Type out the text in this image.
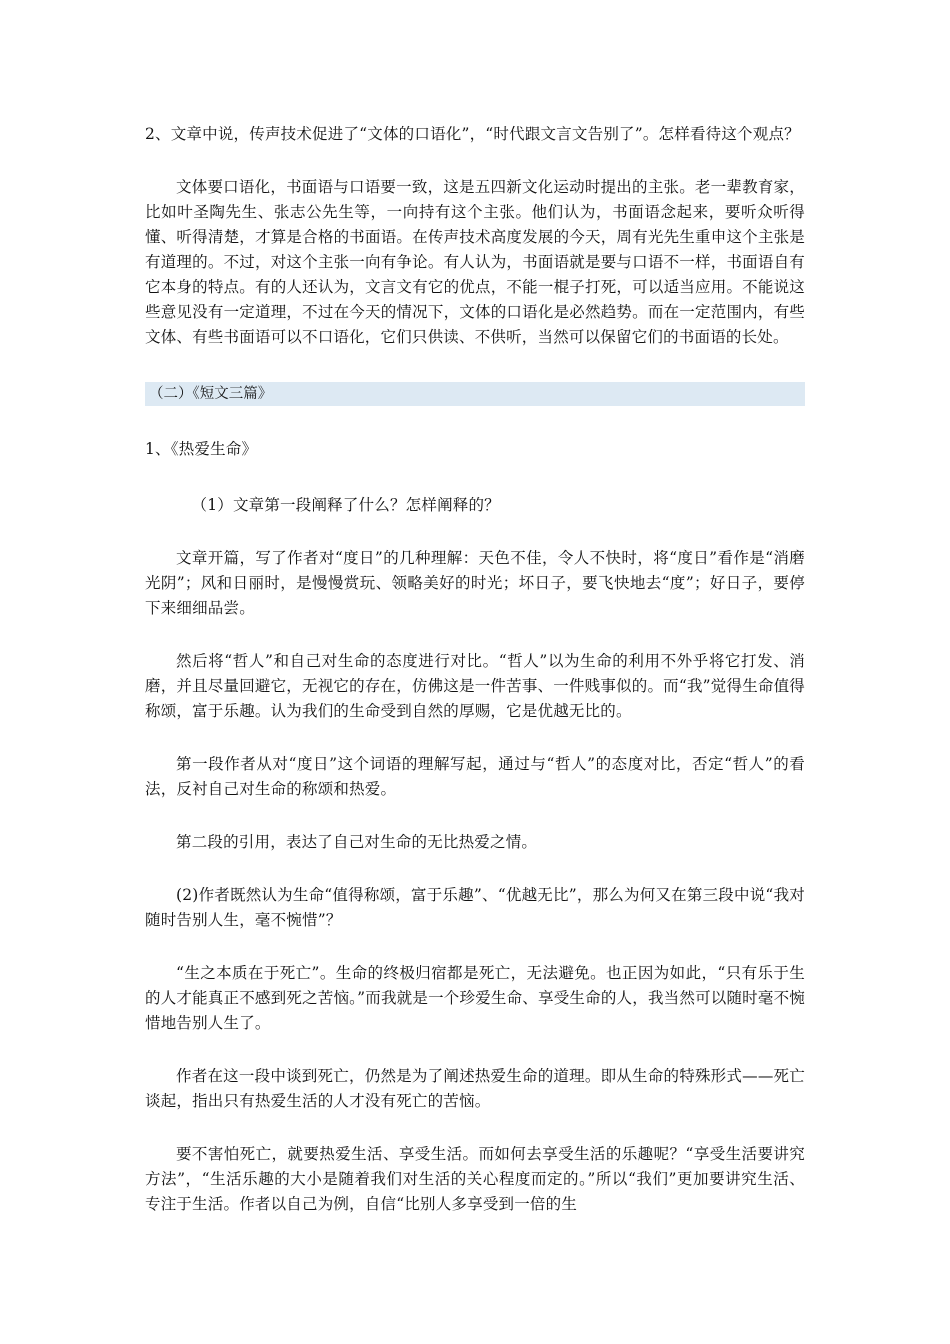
2、文章中说，传声技术促进了“文体的口语化”，“时代跟文言文告别了”。怎样看待这个观点？

文体要口语化，书面语与口语要一致，这是五四新文化运动时提出的主张。老一辈教育家，比如叶圣陶先生、张志公先生等，一向持有这个主张。他们认为，书面语念起来，要听众听得懂、听得清楚，才算是合格的书面语。在传声技术高度发展的今天，周有光先生重申这个主张是有道理的。不过，对这个主张一向有争论。有人认为，书面语就是要与口语不一样，书面语自有它本身的特点。有的人还认为，文言文有它的优点，不能一棍子打死，可以适当应用。不能说这些意见没有一定道理，不过在今天的情况下，文体的口语化是必然趋势。而在一定范围内，有些文体、有些书面语可以不口语化，它们只供读、不供听，当然可以保留它们的书面语的长处。

（二）《短文三篇》

1、《热爱生命》

（1）文章第一段阐释了什么？怎样阐释的？

文章开篇，写了作者对“度日”的几种理解：天色不佳，令人不快时，将“度日”看作是“消磨光阴”；风和日丽时，是慢慢赏玩、领略美好的时光；坏日子，要飞快地去“度”；好日子，要停下来细细品尝。

然后将“哲人”和自己对生命的态度进行对比。“哲人”以为生命的利用不外乎将它打发、消磨，并且尽量回避它，无视它的存在，仿佛这是一件苦事、一件贱事似的。而“我”觉得生命值得称颂，富于乐趣。认为我们的生命受到自然的厚赐，它是优越无比的。

第一段作者从对“度日”这个词语的理解写起，通过与“哲人”的态度对比，否定“哲人”的看法，反衬自己对生命的称颂和热爱。

第二段的引用，表达了自己对生命的无比热爱之情。

(2)作者既然认为生命“值得称颂，富于乐趣”、“优越无比”，那么为何又在第三段中说“我对随时告别人生，毫不惋惜”？

“生之本质在于死亡”。生命的终极归宿都是死亡，无法避免。也正因为如此，“只有乐于生的人才能真正不感到死之苦恼。”而我就是一个珍爱生命、享受生命的人，我当然可以随时毫不惋惜地告别人生了。

作者在这一段中谈到死亡，仍然是为了阐述热爱生命的道理。即从生命的特殊形式——死亡谈起，指出只有热爱生活的人才没有死亡的苦恼。

要不害怕死亡，就要热爱生活、享受生活。而如何去享受生活的乐趣呢？“享受生活要讲究方法”，“生活乐趣的大小是随着我们对生活的关心程度而定的。”所以“我们”更加要讲究生活、专注于生活。作者以自己为例，自信“比别人多享受到一倍的生
